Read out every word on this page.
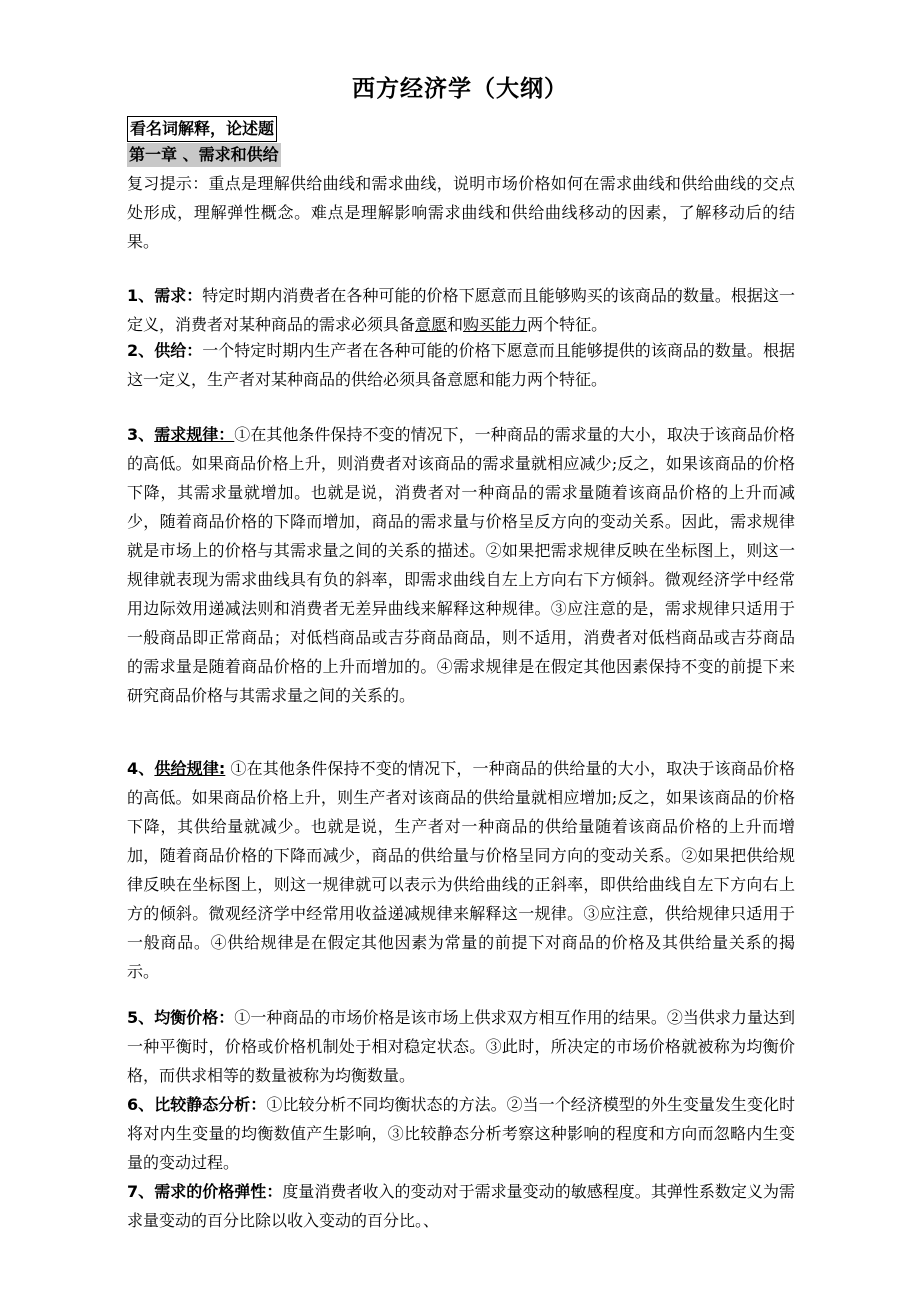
西方经济学（大纲）
看名词解释，论述题
第一章 、需求和供给
复习提示：重点是理解供给曲线和需求曲线，说明市场价格如何在需求曲线和供给曲线的交点处形成，理解弹性概念。难点是理解影响需求曲线和供给曲线移动的因素，了解移动后的结果。
1、需求：特定时期内消费者在各种可能的价格下愿意而且能够购买的该商品的数量。根据这一定义，消费者对某种商品的需求必须具备意愿和购买能力两个特征。
2、供给：一个特定时期内生产者在各种可能的价格下愿意而且能够提供的该商品的数量。根据这一定义，生产者对某种商品的供给必须具备意愿和能力两个特征。
3、需求规律：①在其他条件保持不变的情况下，一种商品的需求量的大小，取决于该商品价格的高低。如果商品价格上升，则消费者对该商品的需求量就相应减少;反之，如果该商品的价格下降，其需求量就增加。也就是说，消费者对一种商品的需求量随着该商品价格的上升而减少，随着商品价格的下降而增加，商品的需求量与价格呈反方向的变动关系。因此，需求规律就是市场上的价格与其需求量之间的关系的描述。②如果把需求规律反映在坐标图上，则这一规律就表现为需求曲线具有负的斜率，即需求曲线自左上方向右下方倾斜。微观经济学中经常用边际效用递减法则和消费者无差异曲线来解释这种规律。③应注意的是，需求规律只适用于一般商品即正常商品；对低档商品或吉芬商品商品，则不适用，消费者对低档商品或吉芬商品的需求量是随着商品价格的上升而增加的。④需求规律是在假定其他因素保持不变的前提下来研究商品价格与其需求量之间的关系的。
4、供给规律: ①在其他条件保持不变的情况下，一种商品的供给量的大小，取决于该商品价格的高低。如果商品价格上升，则生产者对该商品的供给量就相应增加;反之，如果该商品的价格下降，其供给量就减少。也就是说，生产者对一种商品的供给量随着该商品价格的上升而增加，随着商品价格的下降而减少，商品的供给量与价格呈同方向的变动关系。②如果把供给规律反映在坐标图上，则这一规律就可以表示为供给曲线的正斜率，即供给曲线自左下方向右上方的倾斜。微观经济学中经常用收益递减规律来解释这一规律。③应注意，供给规律只适用于一般商品。④供给规律是在假定其他因素为常量的前提下对商品的价格及其供给量关系的揭示。
5、均衡价格：①一种商品的市场价格是该市场上供求双方相互作用的结果。②当供求力量达到一种平衡时，价格或价格机制处于相对稳定状态。③此时，所决定的市场价格就被称为均衡价格，而供求相等的数量被称为均衡数量。
6、比较静态分析：①比较分析不同均衡状态的方法。②当一个经济模型的外生变量发生变化时将对内生变量的均衡数值产生影响，③比较静态分析考察这种影响的程度和方向而忽略内生变量的变动过程。
7、需求的价格弹性：度量消费者收入的变动对于需求量变动的敏感程度。其弹性系数定义为需求量变动的百分比除以收入变动的百分比。、
